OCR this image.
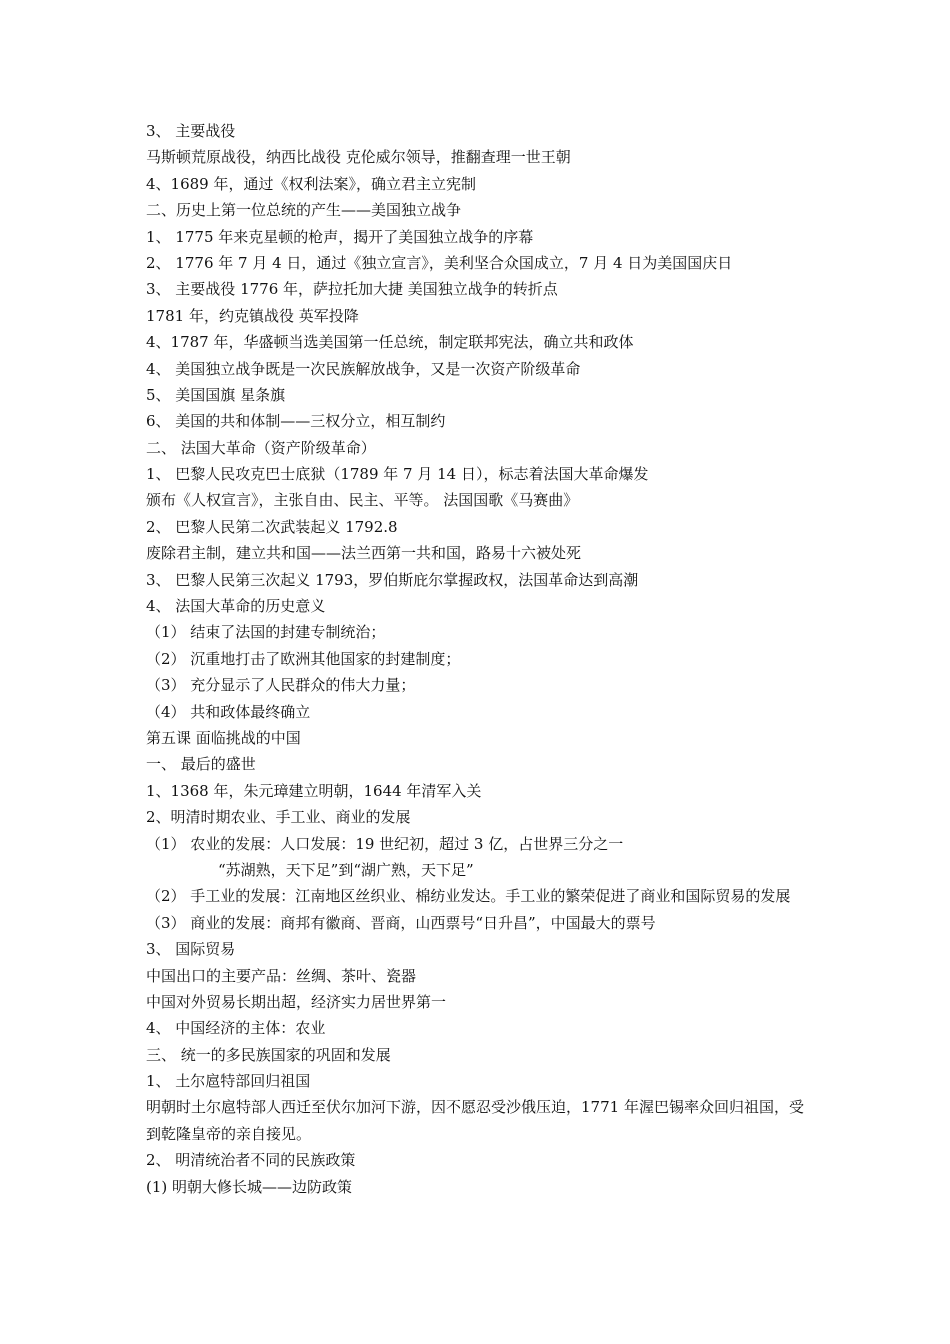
3、 主要战役
马斯顿荒原战役，纳西比战役 克伦威尔领导，推翻查理一世王朝
4、1689 年，通过《权利法案》，确立君主立宪制
二、历史上第一位总统的产生——美国独立战争
1、 1775 年来克星顿的枪声，揭开了美国独立战争的序幕
2、 1776 年 7 月 4 日，通过《独立宣言》，美利坚合众国成立，7 月 4 日为美国国庆日
3、 主要战役 1776 年，萨拉托加大捷 美国独立战争的转折点
1781 年，约克镇战役 英军投降
4、1787 年，华盛顿当选美国第一任总统，制定联邦宪法，确立共和政体
4、 美国独立战争既是一次民族解放战争，又是一次资产阶级革命
5、 美国国旗 星条旗
6、 美国的共和体制——三权分立，相互制约
二、 法国大革命（资产阶级革命）
1、 巴黎人民攻克巴士底狱（1789 年 7 月 14 日），标志着法国大革命爆发
颁布《人权宣言》，主张自由、民主、平等。 法国国歌《马赛曲》
2、 巴黎人民第二次武装起义 1792.8
废除君主制，建立共和国——法兰西第一共和国，路易十六被处死
3、 巴黎人民第三次起义 1793，罗伯斯庇尔掌握政权，法国革命达到高潮
4、 法国大革命的历史意义
（1） 结束了法国的封建专制统治；
（2） 沉重地打击了欧洲其他国家的封建制度；
（3） 充分显示了人民群众的伟大力量；
（4） 共和政体最终确立
第五课 面临挑战的中国
一、 最后的盛世
1、1368 年，朱元璋建立明朝，1644 年清军入关
2、明清时期农业、手工业、商业的发展
（1） 农业的发展：人口发展：19 世纪初，超过 3 亿，占世界三分之一
“苏湖熟，天下足”到“湖广熟，天下足”
（2） 手工业的发展：江南地区丝织业、棉纺业发达。手工业的繁荣促进了商业和国际贸易的发展
（3） 商业的发展：商邦有徽商、晋商，山西票号“日升昌”，中国最大的票号
3、 国际贸易
中国出口的主要产品：丝绸、茶叶、瓷器
中国对外贸易长期出超，经济实力居世界第一
4、 中国经济的主体：农业
三、 统一的多民族国家的巩固和发展
1、 土尔扈特部回归祖国
明朝时土尔扈特部人西迁至伏尔加河下游，因不愿忍受沙俄压迫，1771 年渥巴锡率众回归祖国，受到乾隆皇帝的亲自接见。
2、 明清统治者不同的民族政策
(1) 明朝大修长城——边防政策
